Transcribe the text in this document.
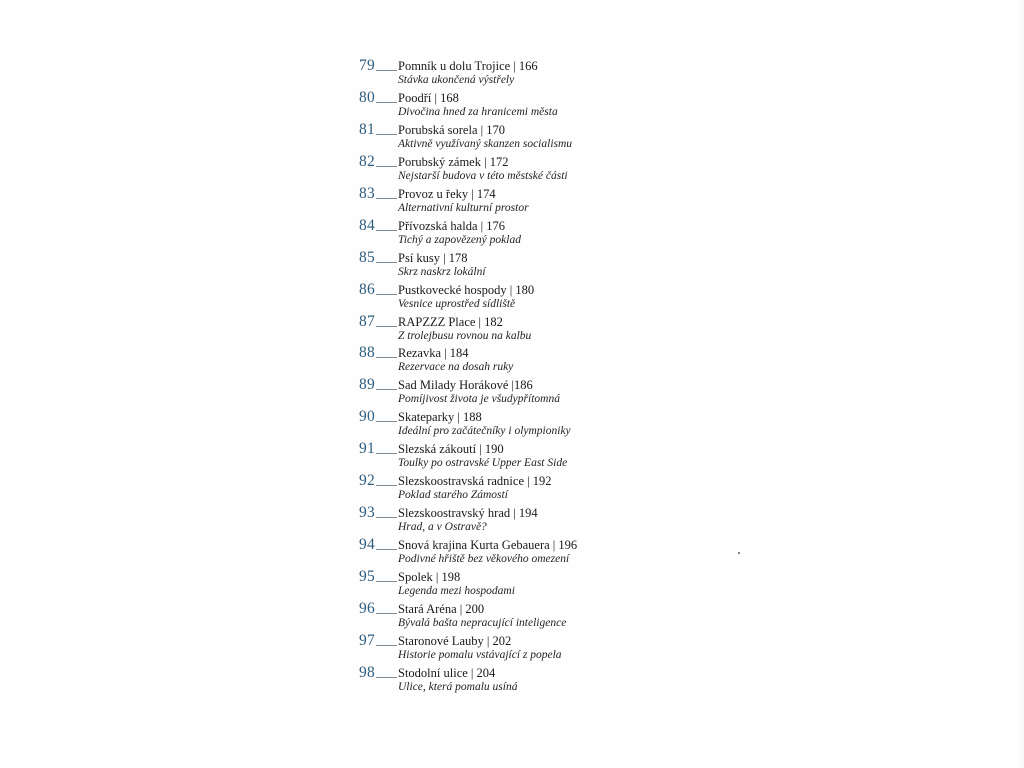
79 Pomník u dolu Trojice | 166
Stávka ukončená výstřely
80 Poodří | 168
Divočina hned za hranicemi města
81 Porubská sorela | 170
Aktivně využívaný skanzen socialismu
82 Porubský zámek | 172
Nejstarší budova v této městské části
83 Provoz u řeky | 174
Alternativní kulturní prostor
84 Přívozská halda | 176
Tichý a zapovězený poklad
85 Psí kusy | 178
Skrz naskrz lokální
86 Pustkovecké hospody | 180
Vesnice uprostřed sídliště
87 RAPZZZ Place | 182
Z trolejbusu rovnou na kalbu
88 Rezavka | 184
Rezervace na dosah ruky
89 Sad Milady Horákové |186
Pomíjivost života je všudypřítomná
90 Skateparky | 188
Ideální pro začátečníky i olympioniky
91 Slezská zákoutí | 190
Toulky po ostravské Upper East Side
92 Slezskoostravská radnice | 192
Poklad starého Zámostí
93 Slezskoostravský hrad | 194
Hrad, a v Ostravě?
94 Snová krajina Kurta Gebauera | 196
Podivné hřiště bez věkového omezení
95 Spolek | 198
Legenda mezi hospodami
96 Stará Aréna | 200
Bývalá bašta nepracující inteligence
97 Staronové Lauby | 202
Historie pomalu vstávající z popela
98 Stodolní ulice | 204
Ulice, která pomalu usíná
